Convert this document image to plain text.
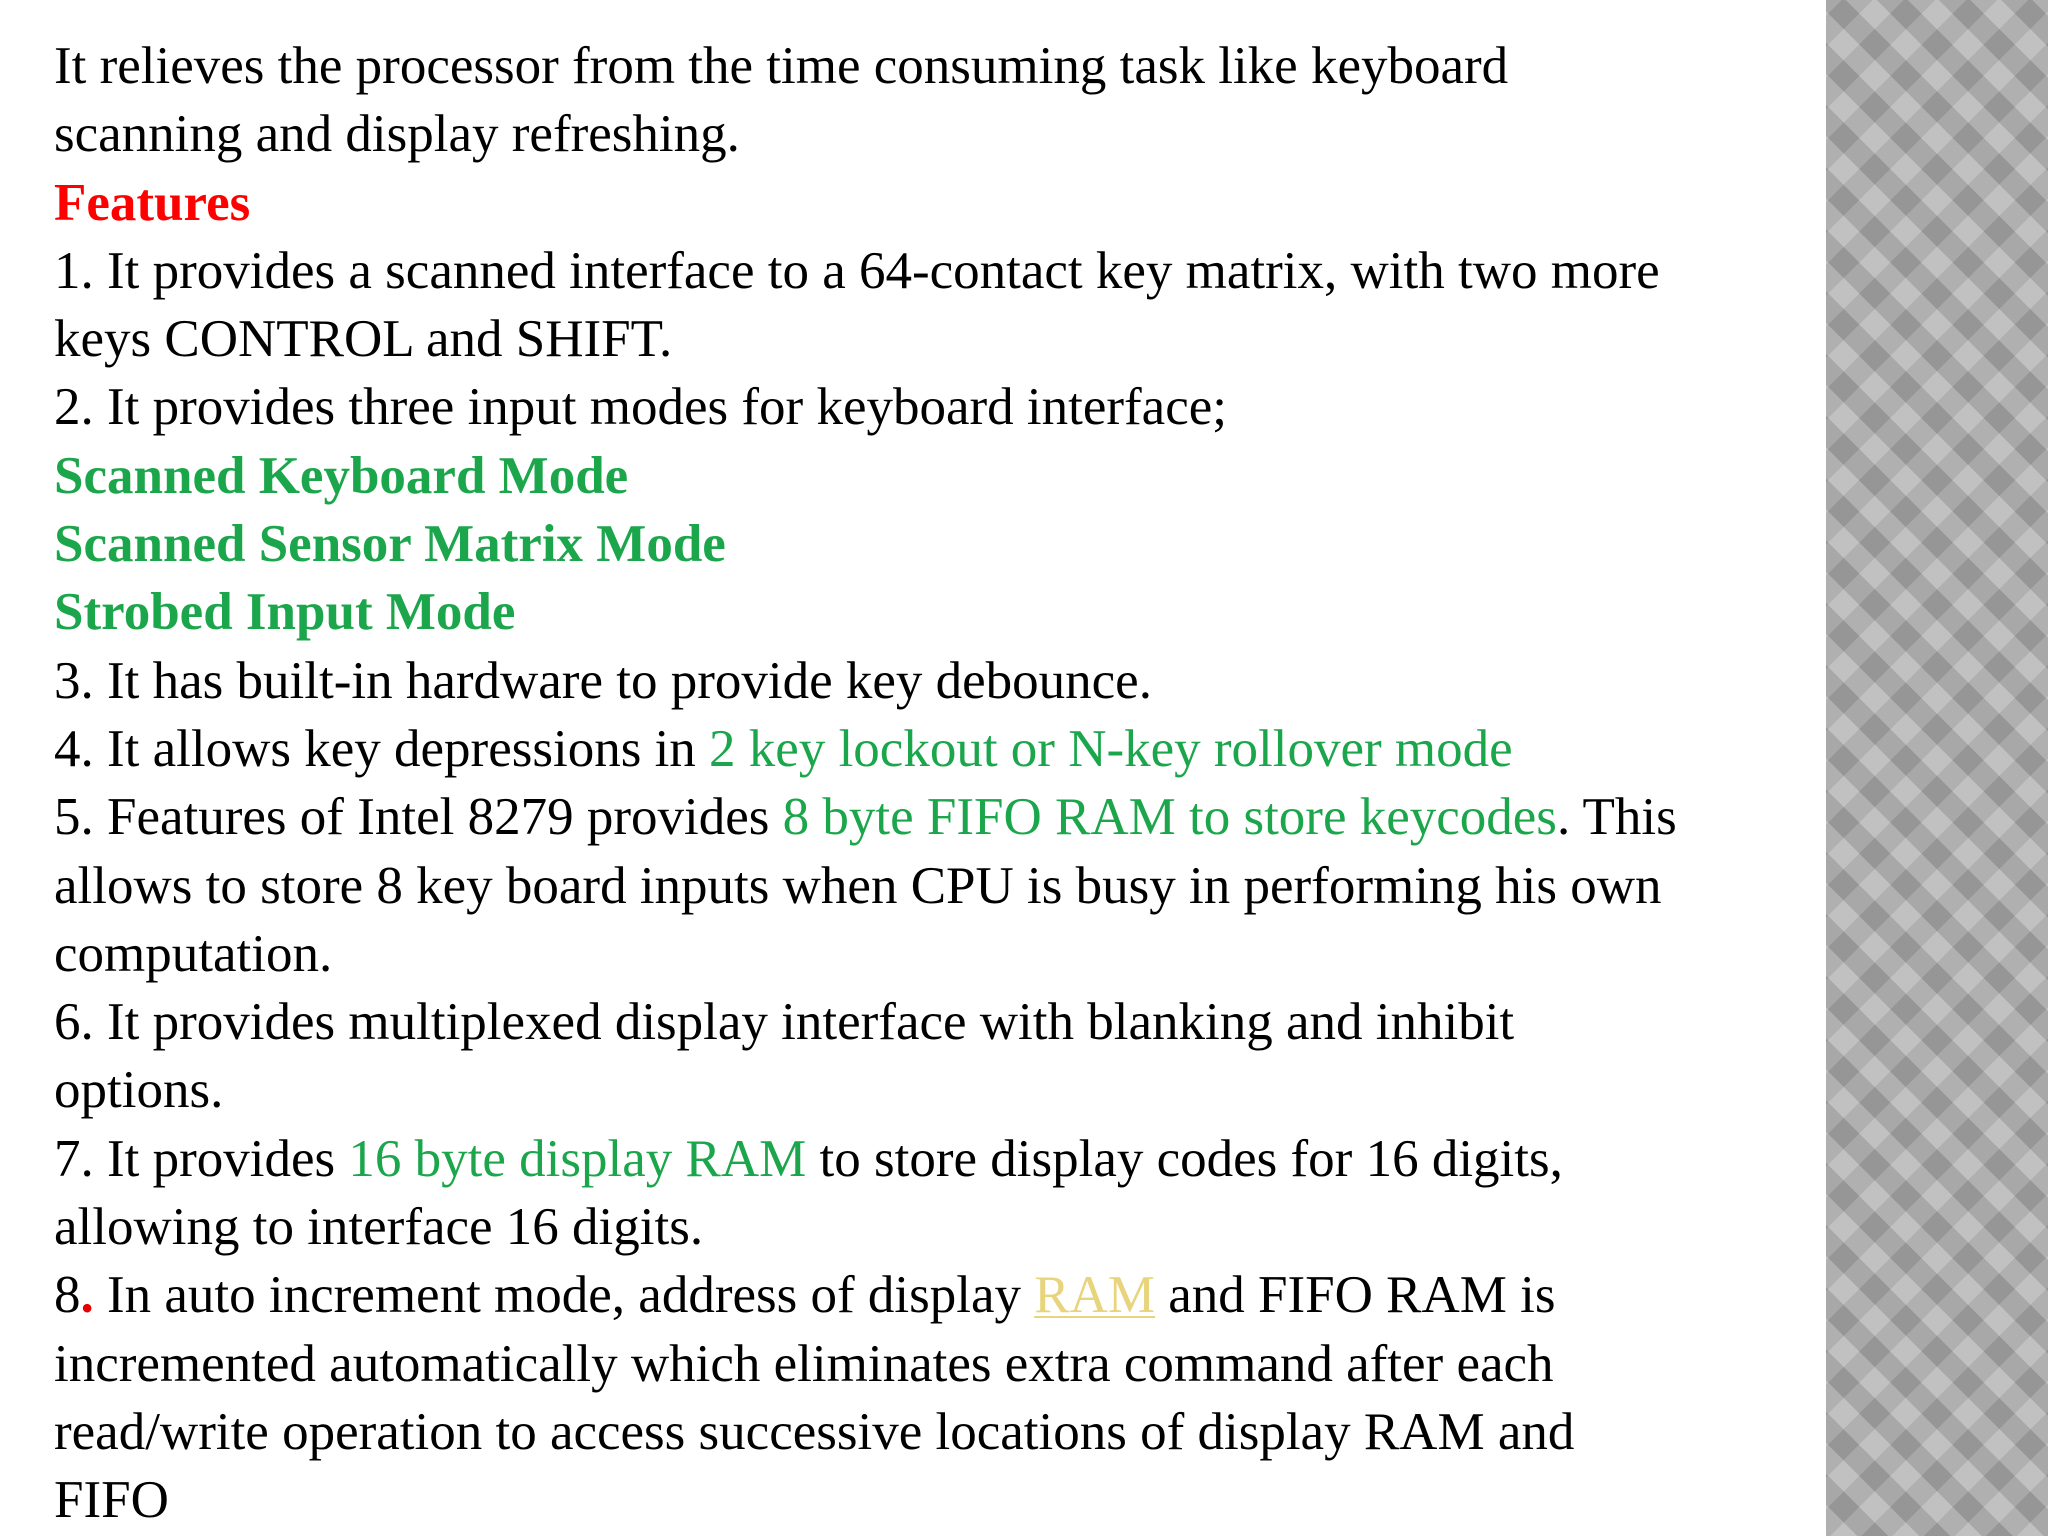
It relieves the processor from the time consuming task like keyboard

scanning and display refreshing.

Features

1. It provides a scanned interface to a 64-contact key matrix, with two more

keys CONTROL and SHIFT.

2. It provides three input modes for keyboard interface;

Scanned Keyboard Mode

Scanned Sensor Matrix Mode

Strobed Input Mode

3. It has built-in hardware to provide key debounce.

4. It allows key depressions in 2 key lockout or N-key rollover mode

5. Features of Intel 8279 provides 8 byte FIFO RAM to store keycodes. This

allows to store 8 key board inputs when CPU is busy in performing his own

computation.

6. It provides multiplexed display interface with blanking and inhibit

options.

7. It provides 16 byte display RAM to store display codes for 16 digits,

allowing to interface 16 digits.

8. In auto increment mode, address of display RAM and FIFO RAM is

incremented automatically which eliminates extra command after each

read/write operation to access successive locations of display RAM and

FIFO
